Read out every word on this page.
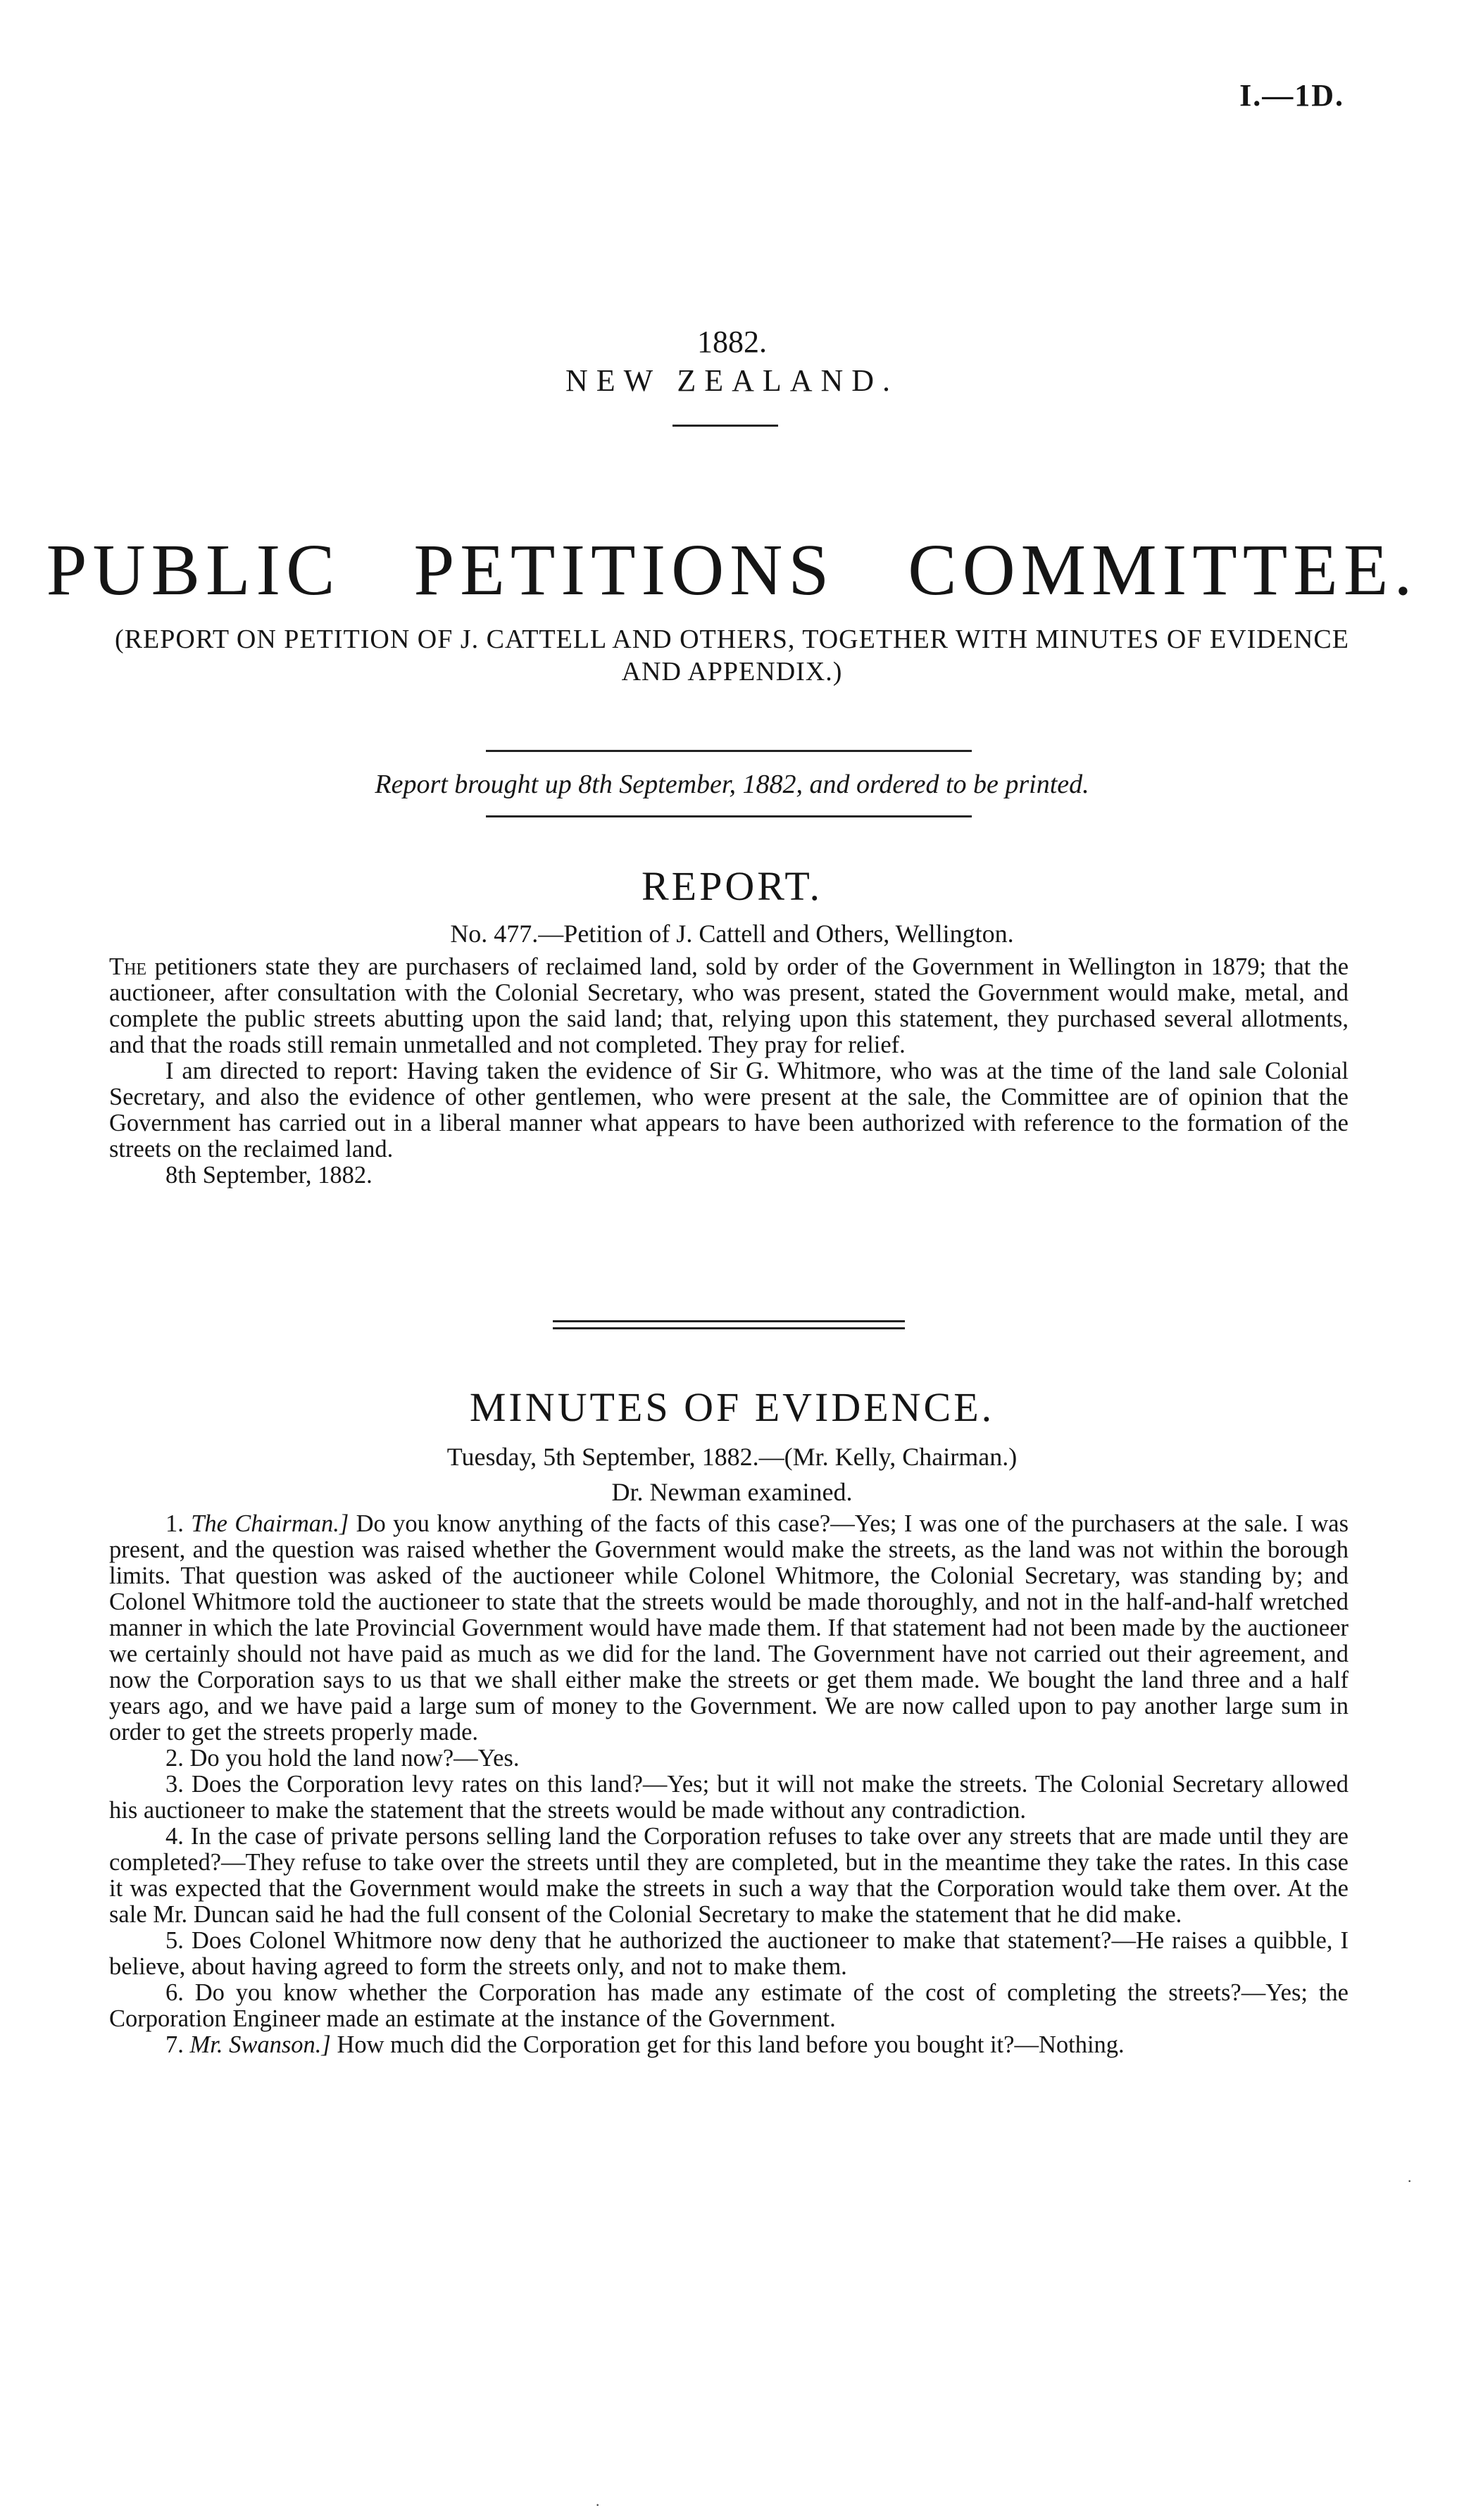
I.—1D.
1882.
NEW ZEALAND.
PUBLIC PETITIONS COMMITTEE.
(REPORT ON PETITION OF J. CATTELL AND OTHERS, TOGETHER WITH MINUTES OF EVIDENCE AND APPENDIX.)
Report brought up 8th September, 1882, and ordered to be printed.
REPORT.
No. 477.—Petition of J. Cattell and Others, Wellington.

The petitioners state they are purchasers of reclaimed land, sold by order of the Government in Wellington in 1879; that the auctioneer, after consultation with the Colonial Secretary, who was present, stated the Government would make, metal, and complete the public streets abutting upon the said land; that, relying upon this statement, they purchased several allotments, and that the roads still remain unmetalled and not completed. They pray for relief.

I am directed to report: Having taken the evidence of Sir G. Whitmore, who was at the time of the land sale Colonial Secretary, and also the evidence of other gentlemen, who were present at the sale, the Committee are of opinion that the Government has carried out in a liberal manner what appears to have been authorized with reference to the formation of the streets on the reclaimed land.

8th September, 1882.

MINUTES OF EVIDENCE.
Tuesday, 5th September, 1882.—(Mr. Kelly, Chairman.)
Dr. Newman examined.

1. The Chairman.] Do you know anything of the facts of this case?—Yes; I was one of the purchasers at the sale. I was present, and the question was raised whether the Government would make the streets, as the land was not within the borough limits. That question was asked of the auctioneer while Colonel Whitmore, the Colonial Secretary, was standing by; and Colonel Whitmore told the auctioneer to state that the streets would be made thoroughly, and not in the half-and-half wretched manner in which the late Provincial Government would have made them. If that statement had not been made by the auctioneer we certainly should not have paid as much as we did for the land. The Government have not carried out their agreement, and now the Corporation says to us that we shall either make the streets or get them made. We bought the land three and a half years ago, and we have paid a large sum of money to the Government. We are now called upon to pay another large sum in order to get the streets properly made.

2. Do you hold the land now?—Yes.

3. Does the Corporation levy rates on this land?—Yes; but it will not make the streets. The Colonial Secretary allowed his auctioneer to make the statement that the streets would be made without any contradiction.

4. In the case of private persons selling land the Corporation refuses to take over any streets that are made until they are completed?—They refuse to take over the streets until they are completed, but in the meantime they take the rates. In this case it was expected that the Government would make the streets in such a way that the Corporation would take them over. At the sale Mr. Duncan said he had the full consent of the Colonial Secretary to make the statement that he did make.

5. Does Colonel Whitmore now deny that he authorized the auctioneer to make that statement?—He raises a quibble, I believe, about having agreed to form the streets only, and not to make them.

6. Do you know whether the Corporation has made any estimate of the cost of completing the streets?—Yes; the Corporation Engineer made an estimate at the instance of the Government.

7. Mr. Swanson.] How much did the Corporation get for this land before you bought it?—Nothing.

·
·
